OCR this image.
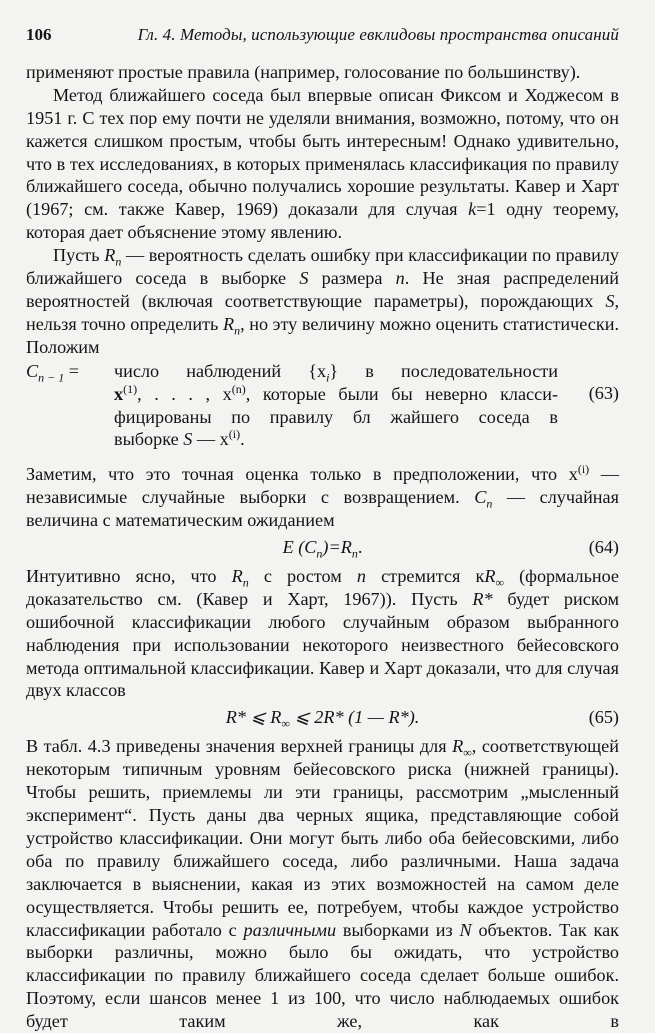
106	Гл. 4. Методы, использующие евклидовы пространства описаний

применяют простые правила (например, голосование по большинству).

Метод ближайшего соседа был впервые описан Фиксом и Ходжесом в 1951 г. С тех пор ему почти не уделяли внимания, возможно, потому, что он кажется слишком простым, чтобы быть интересным! Однако удивительно, что в тех исследованиях, в которых применялась классификация по правилу ближайшего соседа, обычно получались хорошие результаты. Кавер и Харт (1967; см. также Кавер, 1969) доказали для случая k=1 одну теорему, которая дает объяснение этому явлению.

Пусть $R_n$ — вероятность сделать ошибку при классификации по правилу ближайшего соседа в выборке S размера n. Не зная распределений вероятностей (включая соответствующие параметры), порождающих S, нельзя точно определить $R_n$, но эту величину можно оценить статистически. Положим

$C_{n - 1}$ =	число наблюдений $\{x_i\}$ в последовательности
$x^{(1)}$, . . . , $x^{(n)}$, которые были бы неверно класси-
фицированы по правилу бл жайшего соседа в
выборке S — $x^{(i)}$.
(63)

Заметим, что это точная оценка только в предположении, что $x^{(i)}$ — независимые случайные выборки с возвращением. $C_n$ — случайная величина с математическим ожиданием

E $(C_n)=R_n$.	(64)

Интуитивно ясно, что $R_n$ с ростом n стремится $кR_\infty$ (формальное доказательство см. (Кавер и Харт, 1967)). Пусть R* будет риском ошибочной классификации любого случайным образом выбранного наблюдения при использовании некоторого неизвестного бейесовского метода оптимальной классификации. Кавер и Харт доказали, что для случая двух классов

R* ⩽ $R_\infty$ ⩽ 2R* (1 — R*).	(65)

В табл. 4.3 приведены значения верхней границы для $R_\infty$, соответствующей некоторым типичным уровням бейесовского риска (нижней границы). Чтобы решить, приемлемы ли эти границы, рассмотрим „мысленный эксперимент“. Пусть даны два черных ящика, представляющие собой устройство классификации. Они могут быть либо оба бейесовскими, либо оба по правилу ближайшего соседа, либо различными. Наша задача заключается в выяснении, какая из этих возможностей на самом деле осуществляется. Чтобы решить ее, потребуем, чтобы каждое устройство классификации работало с различными выборками из N объектов. Так как выборки различны, можно было бы ожидать, что устройство классификации по правилу ближайшего соседа сделает больше ошибок. Поэтому, если шансов менее 1 из 100, что число наблюдаемых ошибок будет таким же, как в
